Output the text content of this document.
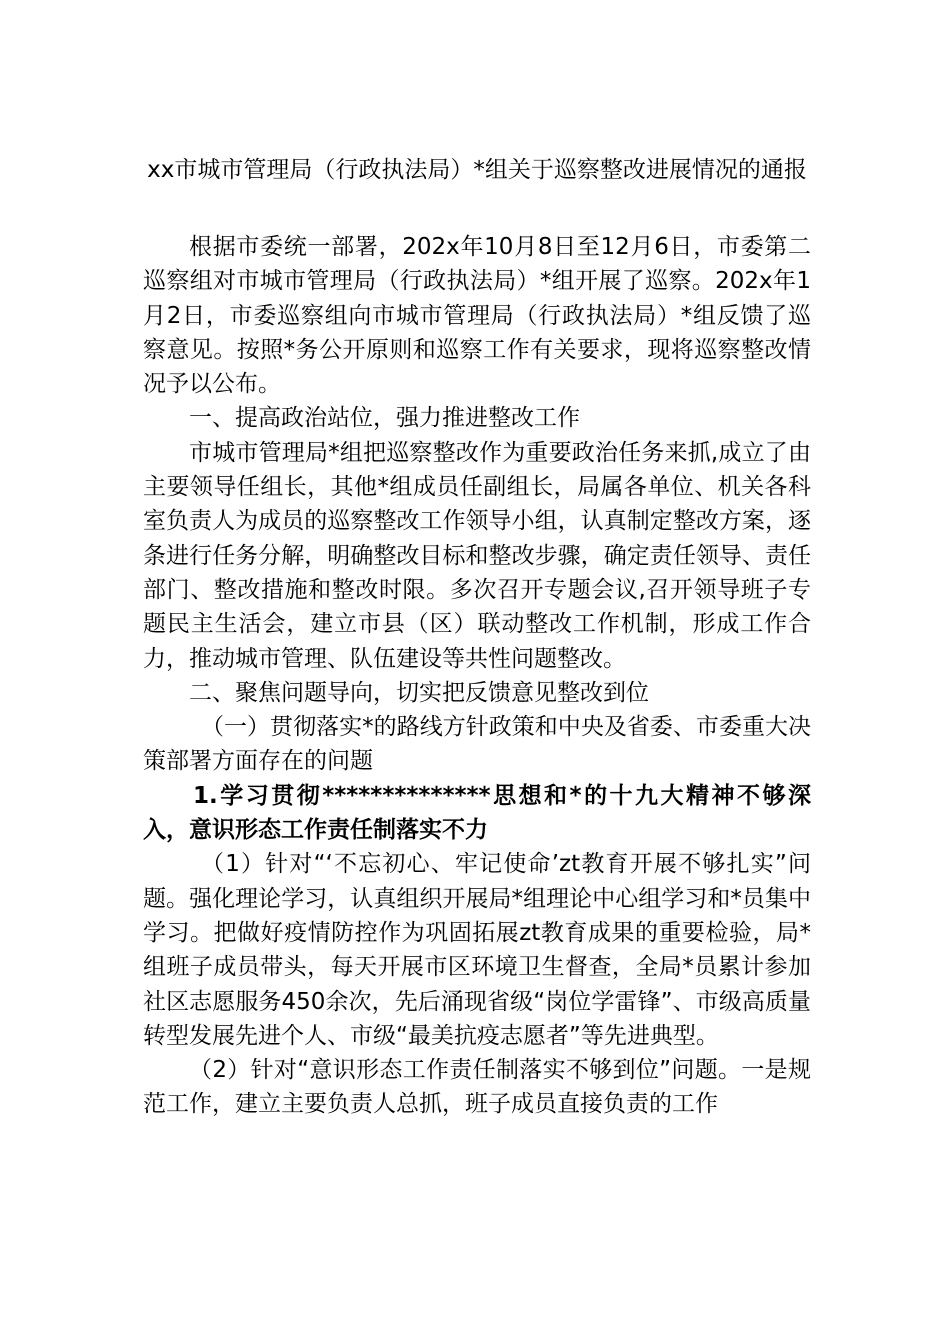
xx市城市管理局（行政执法局）*组关于巡察整改进展情况的通报

根据市委统一部署，202x年10月8日至12月6日，市委第二巡察组对市城市管理局（行政执法局）*组开展了巡察。202x年1月2日，市委巡察组向市城市管理局（行政执法局）*组反馈了巡察意见。按照*务公开原则和巡察工作有关要求，现将巡察整改情况予以公布。

一、提高政治站位，强力推进整改工作

市城市管理局*组把巡察整改作为重要政治任务来抓,成立了由主要领导任组长，其他*组成员任副组长，局属各单位、机关各科室负责人为成员的巡察整改工作领导小组，认真制定整改方案，逐条进行任务分解，明确整改目标和整改步骤，确定责任领导、责任部门、整改措施和整改时限。多次召开专题会议,召开领导班子专题民主生活会，建立市县（区）联动整改工作机制，形成工作合力，推动城市管理、队伍建设等共性问题整改。

二、聚焦问题导向，切实把反馈意见整改到位

（一）贯彻落实*的路线方针政策和中央及省委、市委重大决策部署方面存在的问题

1.学习贯彻**************思想和*的十九大精神不够深入，意识形态工作责任制落实不力

（1）针对“‘不忘初心、牢记使命’zt教育开展不够扎实”问题。强化理论学习，认真组织开展局*组理论中心组学习和*员集中学习。把做好疫情防控作为巩固拓展zt教育成果的重要检验，局*组班子成员带头，每天开展市区环境卫生督查，全局*员累计参加社区志愿服务450余次，先后涌现省级“岗位学雷锋”、市级高质量转型发展先进个人、市级“最美抗疫志愿者”等先进典型。

（2）针对“意识形态工作责任制落实不够到位”问题。一是规范工作，建立主要负责人总抓，班子成员直接负责的工作
